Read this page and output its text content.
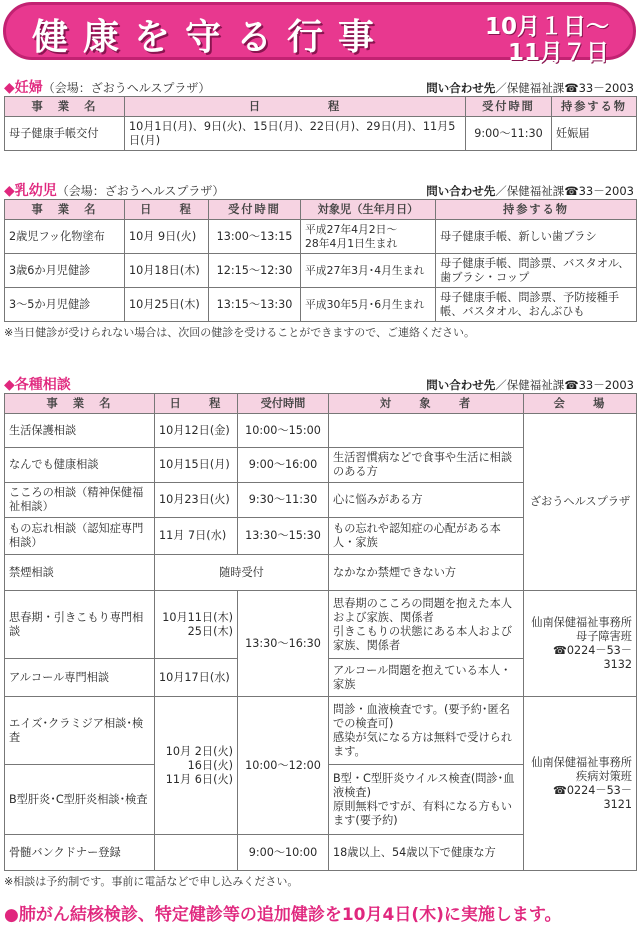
健康を守る行事	10月１日～
11月７日
◆妊婦（会場：ざおうヘルスプラザ）	問い合わせ先／保健福祉課☎33－2003
事　業　名	日　　　　　程	受付時間	持参する物
母子健康手帳交付	10月1日(月)、9日(火)、15日(月)、22日(月)、29日(月)、11月5日(月)	9:00～11:30	妊娠届
◆乳幼児（会場：ざおうヘルスプラザ）	問い合わせ先／保健福祉課☎33－2003
事　業　名	日　　程	受付時間	対象児（生年月日）	持参する物
2歳児フッ化物塗布	10月 9日(火)	13:00～13:15	平成27年4月2日～
28年4月1日生まれ	母子健康手帳、新しい歯ブラシ
3歳6か月児健診	10月18日(木)	12:15～12:30	平成27年3月･4月生まれ	母子健康手帳、問診票、バスタオル、歯ブラシ・コップ
3～5か月児健診	10月25日(木)	13:15～13:30	平成30年5月･6月生まれ	母子健康手帳、問診票、予防接種手帳、バスタオル、おんぶひも
※当日健診が受けられない場合は、次回の健診を受けることができますので、ご連絡ください。
◆各種相談	問い合わせ先／保健福祉課☎33－2003
事　業　名	日　　程	受付時間	対　　象　　者	会　　場
生活保護相談	10月12日(金)	10:00～15:00		ざおうヘルスプラザ
なんでも健康相談	10月15日(月)	9:00～16:00	生活習慣病などで食事や生活に相談のある方	
こころの相談（精神保健福祉相談）	10月23日(火)	9:30～11:30	心に悩みがある方	
もの忘れ相談（認知症専門相談）	11月 7日(水)	13:30～15:30	もの忘れや認知症の心配がある本人・家族	
禁煙相談	随時受付		なかなか禁煙できない方	
思春期・引きこもり専門相談	10月11日(木)
25日(木)	13:30～16:30	思春期のこころの問題を抱えた本人および家族、関係者
引きこもりの状態にある本人および家族、関係者	仙南保健福祉事務所
母子障害班
☎0224－53－3132
アルコール専門相談	10月17日(水)		アルコール問題を抱えている本人・家族	
エイズ･クラミジア相談･検査	10月 2日(火)
16日(火)
11月 6日(火)	10:00～12:00	問診・血液検査です。(要予約･匿名での検査可)
感染が気になる方は無料で受けられます。	仙南保健福祉事務所
疾病対策班
☎0224－53－3121
B型肝炎･C型肝炎相談･検査			B型・C型肝炎ウイルス検査(問診･血液検査)
原則無料ですが、有料になる方もいます(要予約)	
骨髄バンクドナー登録		9:00～10:00	18歳以上、54歳以下で健康な方	
※相談は予約制です。事前に電話などで申し込みください。
●肺がん結核検診、特定健診等の追加健診を10月4日(木)に実施します。
